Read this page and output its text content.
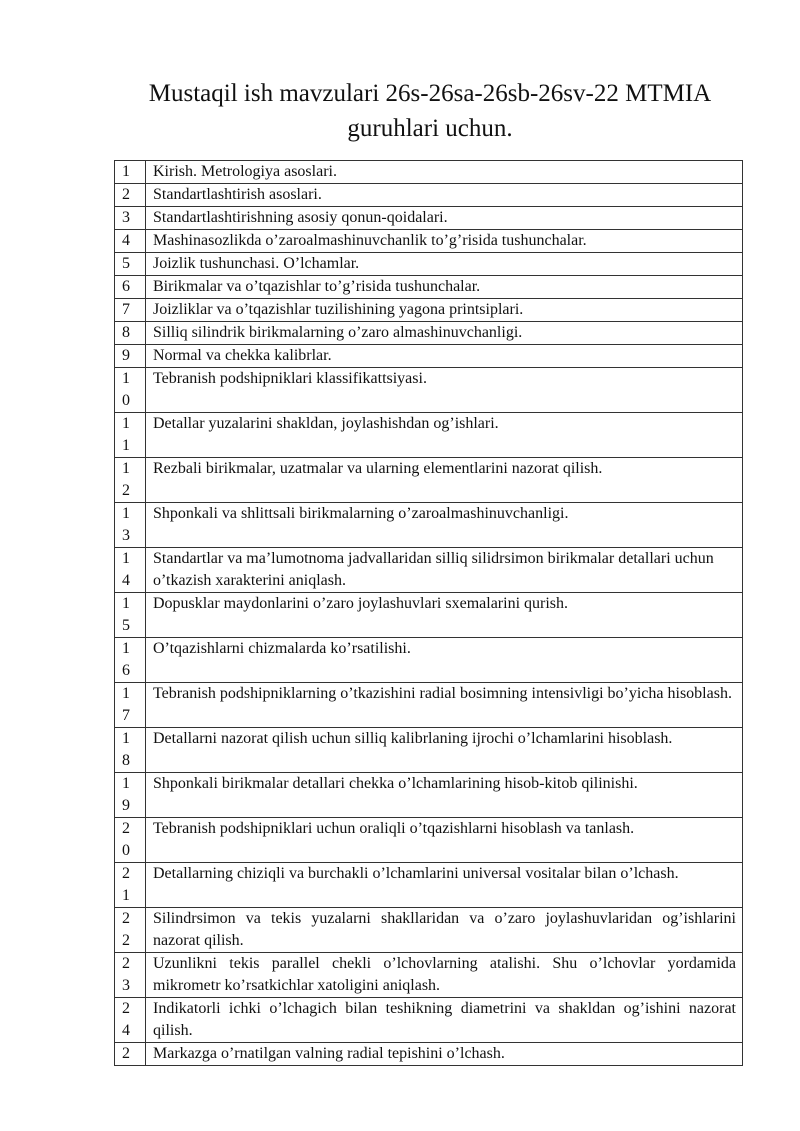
Mustaqil ish mavzulari 26s-26sa-26sb-26sv-22 MTMIA
guruhlari uchun.
1	Kirish. Metrologiya asoslari.

2	Standartlashtirish asoslari.

3	Standartlashtirishning asosiy qonun-qoidalari.

4	Mashinasozlikda o’zaroalmashinuvchanlik to’g’risida tushunchalar.

5	Joizlik tushunchasi. O’lchamlar.

6	Birikmalar va o’tqazishlar to’g’risida tushunchalar.

7	Joizliklar va o’tqazishlar tuzilishining yagona printsiplari.

8	Silliq silindrik birikmalarning o’zaro almashinuvchanligi.

9	Normal va chekka kalibrlar.

10	Tebranish podshipniklari klassifikattsiyasi.

11	Detallar yuzalarini shakldan, joylashishdan og’ishlari.

12	Rezbali birikmalar, uzatmalar va ularning elementlarini nazorat qilish.

13	Shponkali va shlittsali birikmalarning o’zaroalmashinuvchanligi.

14	Standartlar va ma’lumotnoma jadvallaridan silliq silidrsimon birikmalar detallari uchun o’tkazish xarakterini aniqlash.

15	Dopusklar maydonlarini o’zaro joylashuvlari sxemalarini qurish.

16	O’tqazishlarni chizmalarda ko’rsatilishi.

17	Tebranish podshipniklarning o’tkazishini radial bosimning intensivligi bo’yicha hisoblash.

18	Detallarni nazorat qilish uchun silliq kalibrlaning ijrochi o’lchamlarini hisoblash.

19	Shponkali birikmalar detallari chekka o’lchamlarining hisob-kitob qilinishi.

20	Tebranish podshipniklari uchun oraliqli o’tqazishlarni hisoblash va tanlash.

21	Detallarning chiziqli va burchakli o’lchamlarini universal vositalar bilan o’lchash.

22	Silindrsimon va tekis yuzalarni shakllaridan va o’zaro joylashuvlaridan og’ishlarini nazorat qilish.

23	Uzunlikni tekis parallel chekli o’lchovlarning atalishi. Shu o’lchovlar yordamida mikrometr ko’rsatkichlar xatoligini aniqlash.

24	Indikatorli ichki o’lchagich bilan teshikning diametrini va shakldan og’ishini nazorat qilish.

2	Markazga o’rnatilgan valning radial tepishini o’lchash.
